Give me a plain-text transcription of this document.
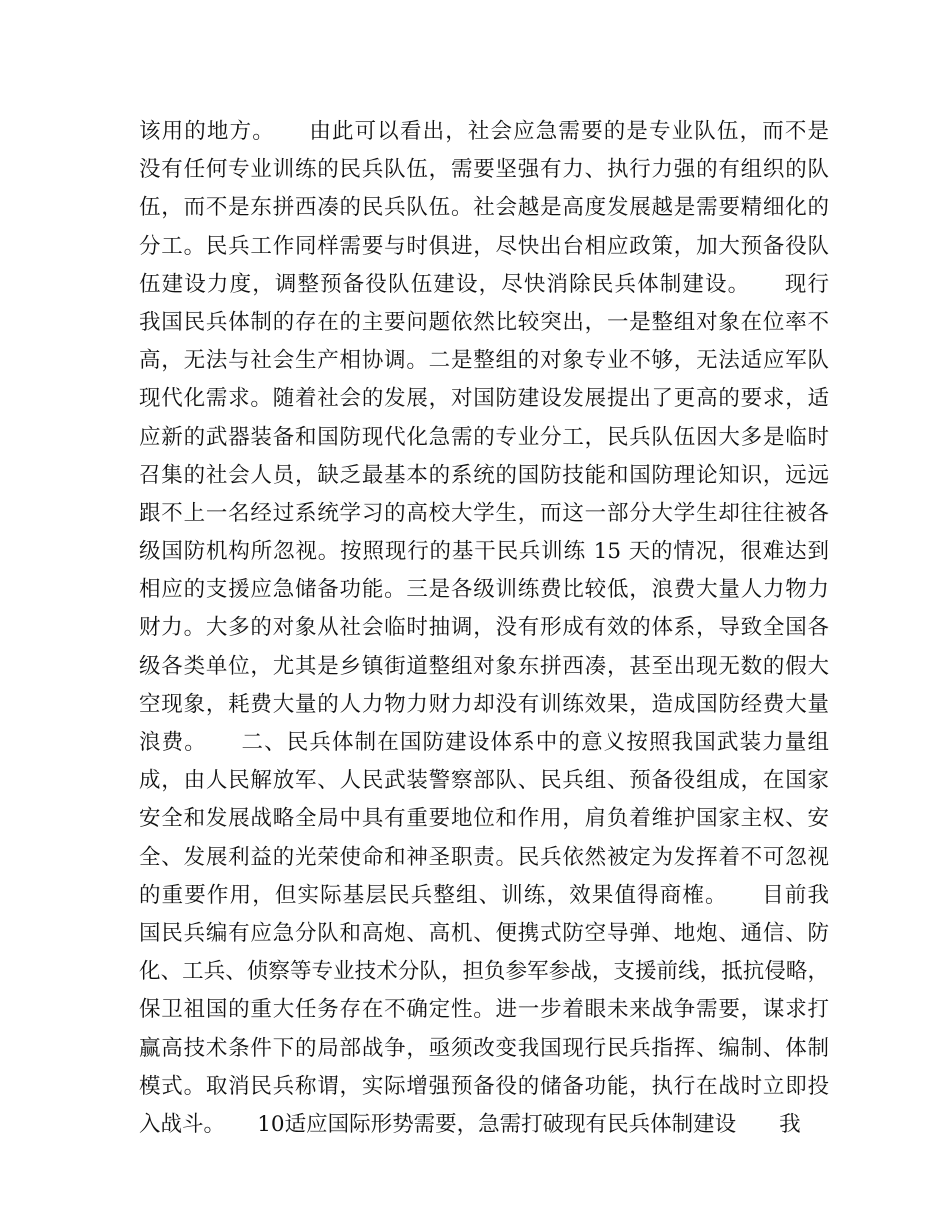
该用的地方。　　由此可以看出，社会应急需要的是专业队伍，而不是
没有任何专业训练的民兵队伍，需要坚强有力、执行力强的有组织的队
伍，而不是东拼西凑的民兵队伍。社会越是高度发展越是需要精细化的
分工。民兵工作同样需要与时俱进，尽快出台相应政策，加大预备役队
伍建设力度，调整预备役队伍建设，尽快消除民兵体制建设。　　现行
我国民兵体制的存在的主要问题依然比较突出，一是整组对象在位率不
高，无法与社会生产相协调。二是整组的对象专业不够，无法适应军队
现代化需求。随着社会的发展，对国防建设发展提出了更高的要求，适
应新的武器装备和国防现代化急需的专业分工，民兵队伍因大多是临时
召集的社会人员，缺乏最基本的系统的国防技能和国防理论知识，远远
跟不上一名经过系统学习的高校大学生，而这一部分大学生却往往被各
级国防机构所忽视。按照现行的基干民兵训练 15 天的情况，很难达到
相应的支援应急储备功能。三是各级训练费比较低，浪费大量人力物力
财力。大多的对象从社会临时抽调，没有形成有效的体系，导致全国各
级各类单位，尤其是乡镇街道整组对象东拼西凑，甚至出现无数的假大
空现象，耗费大量的人力物力财力却没有训练效果，造成国防经费大量
浪费。　　二、民兵体制在国防建设体系中的意义按照我国武装力量组
成，由人民解放军、人民武装警察部队、民兵组、预备役组成，在国家
安全和发展战略全局中具有重要地位和作用，肩负着维护国家主权、安
全、发展利益的光荣使命和神圣职责。民兵依然被定为发挥着不可忽视
的重要作用，但实际基层民兵整组、训练，效果值得商榷。　　目前我
国民兵编有应急分队和高炮、高机、便携式防空导弹、地炮、通信、防
化、工兵、侦察等专业技术分队，担负参军参战，支援前线，抵抗侵略，
保卫祖国的重大任务存在不确定性。进一步着眼未来战争需要，谋求打
赢高技术条件下的局部战争，亟须改变我国现行民兵指挥、编制、体制
模式。取消民兵称谓，实际增强预备役的储备功能，执行在战时立即投
入战斗。　　10适应国际形势需要，急需打破现有民兵体制建设　　我
